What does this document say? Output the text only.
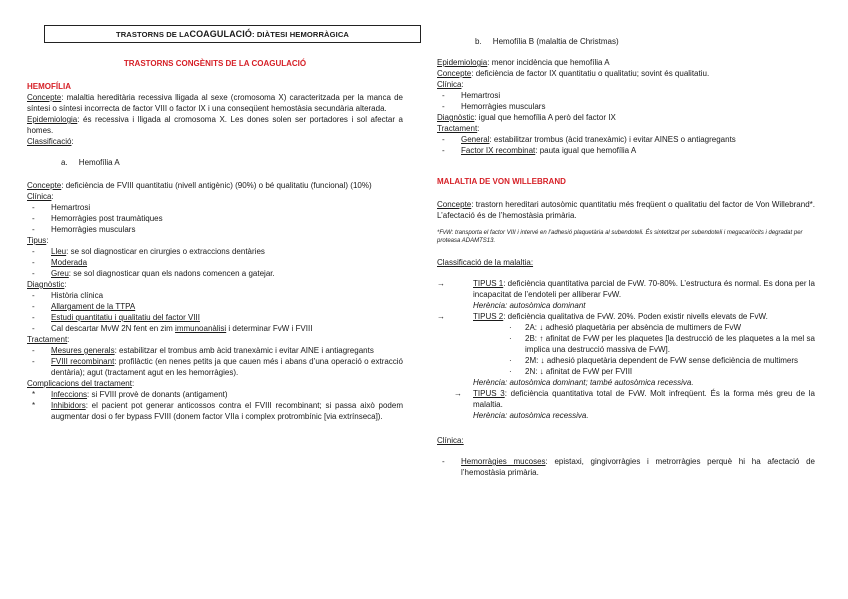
TRASTORNS DE LA COAGULACIÓ : DIÀTESI HEMORRÀGICA

TRASTORNS CONGÈNITS DE LA COAGULACIÓ

HEMOFÍLIA

Concepte: malaltia hereditària recessiva lligada al sexe (cromosoma X) caracteritzada per la manca de síntesi o síntesi incorrecta de factor VIII o factor IX i una conseqüent hemostàsia secundària alterada.

Epidemiologia: és recessiva i lligada al cromosoma X. Les dones solen ser portadores i sol afectar a homes.

Classificació:

a. Hemofília A

Concepte: deficiència de FVIII quantitatiu (nivell antigènic) (90%) o bé qualitatiu (funcional) (10%)

Clínica:

- Hemartrosi
- Hemorràgies post traumàtiques
- Hemorràgies musculars

Tipus:

- Lleu: se sol diagnosticar en cirurgies o extraccions dentàries
- Moderada
- Greu: se sol diagnosticar quan els nadons comencen a gatejar.

Diagnòstic:

- Història clínica
- Allargament de la TTPA
- Estudi quantitatiu i qualitatiu del factor VIII
- Cal descartar MvW 2N fent en zim immunoanàlisi i determinar FvW i FVIII

Tractament:

- Mesures generals: estabilitzar el trombus amb àcid tranexàmic i evitar AINE i antiagregants
- FVIII recombinant: profilàctic (en nenes petits ja que cauen més i abans d’una operació o extracció dentària); agut (tractament agut en les hemorràgies).

Complicacions del tractament:

* Infeccions: si FVIII provè de donants (antigament)
* Inhibidors: el pacient pot generar anticossos contra el FVIII recombinant; si passa això podem augmentar dosi o fer bypass FVIII (donem factor VIIa i complex protrombínic [via extrínseca]).

b. Hemofília B (malaltia de Christmas)

Epidemiologia: menor incidència que hemofília A

Concepte: deficiència de factor IX quantitatiu o qualitatiu; sovint és qualitatiu.

Clínica:

- Hemartrosi
- Hemorràgies musculars

Diagnòstic: igual que hemofília A però del factor IX

Tractament:

- General: estabilitzar trombus (àcid tranexàmic) i evitar AINES o antiagregants
- Factor IX recombinat: pauta igual que hemofília A

MALALTIA DE VON WILLEBRAND

Concepte: trastorn hereditari autosòmic quantitatiu més freqüent o qualitatiu del factor de Von Willebrand*. L’afectació és de l’hemostàsia primària.

*FvW: transporta el factor VIII i intervé en l’adhesió plaquetària al subendoteli. És sintetitzat per subendoteli i megacariòcits i degradat per proteasa ADAMTS13.

Classificació de la malaltia:

→	TIPUS 1: deficiència quantitativa parcial de FvW. 70-80%. L’estructura és normal. Es dona per la incapacitat de l’endoteli per alliberar FvW.

Herència: autosòmica dominant

→	TIPUS 2: deficiència qualitativa de FvW. 20%. Poden existir nivells elevats de FvW.
· 2A: ↓ adhesió plaquetària per absència de multimers de FvW
· 2B: ↑ afinitat de FvW per les plaquetes [la destrucció de les plaquetes a la mel sa implica una destrucció massiva de FvW].
· 2M: ↓ adhesió plaquetària dependent de FvW sense deficiència de multimers
· 2N: ↓ afinitat de FvW per FVIII

Herència: autosòmica dominant; també autosòmica recessiva.

→ TIPUS 3: deficiència quantitativa total de FvW. Molt infreqüent. És la forma més greu de la malaltia.

Herència: autosòmica recessiva.

Clínica:

- Hemorràgies mucoses: epistaxi, gingivorràgies i metrorràgies perquè hi ha afectació de l’hemostàsia primària.
